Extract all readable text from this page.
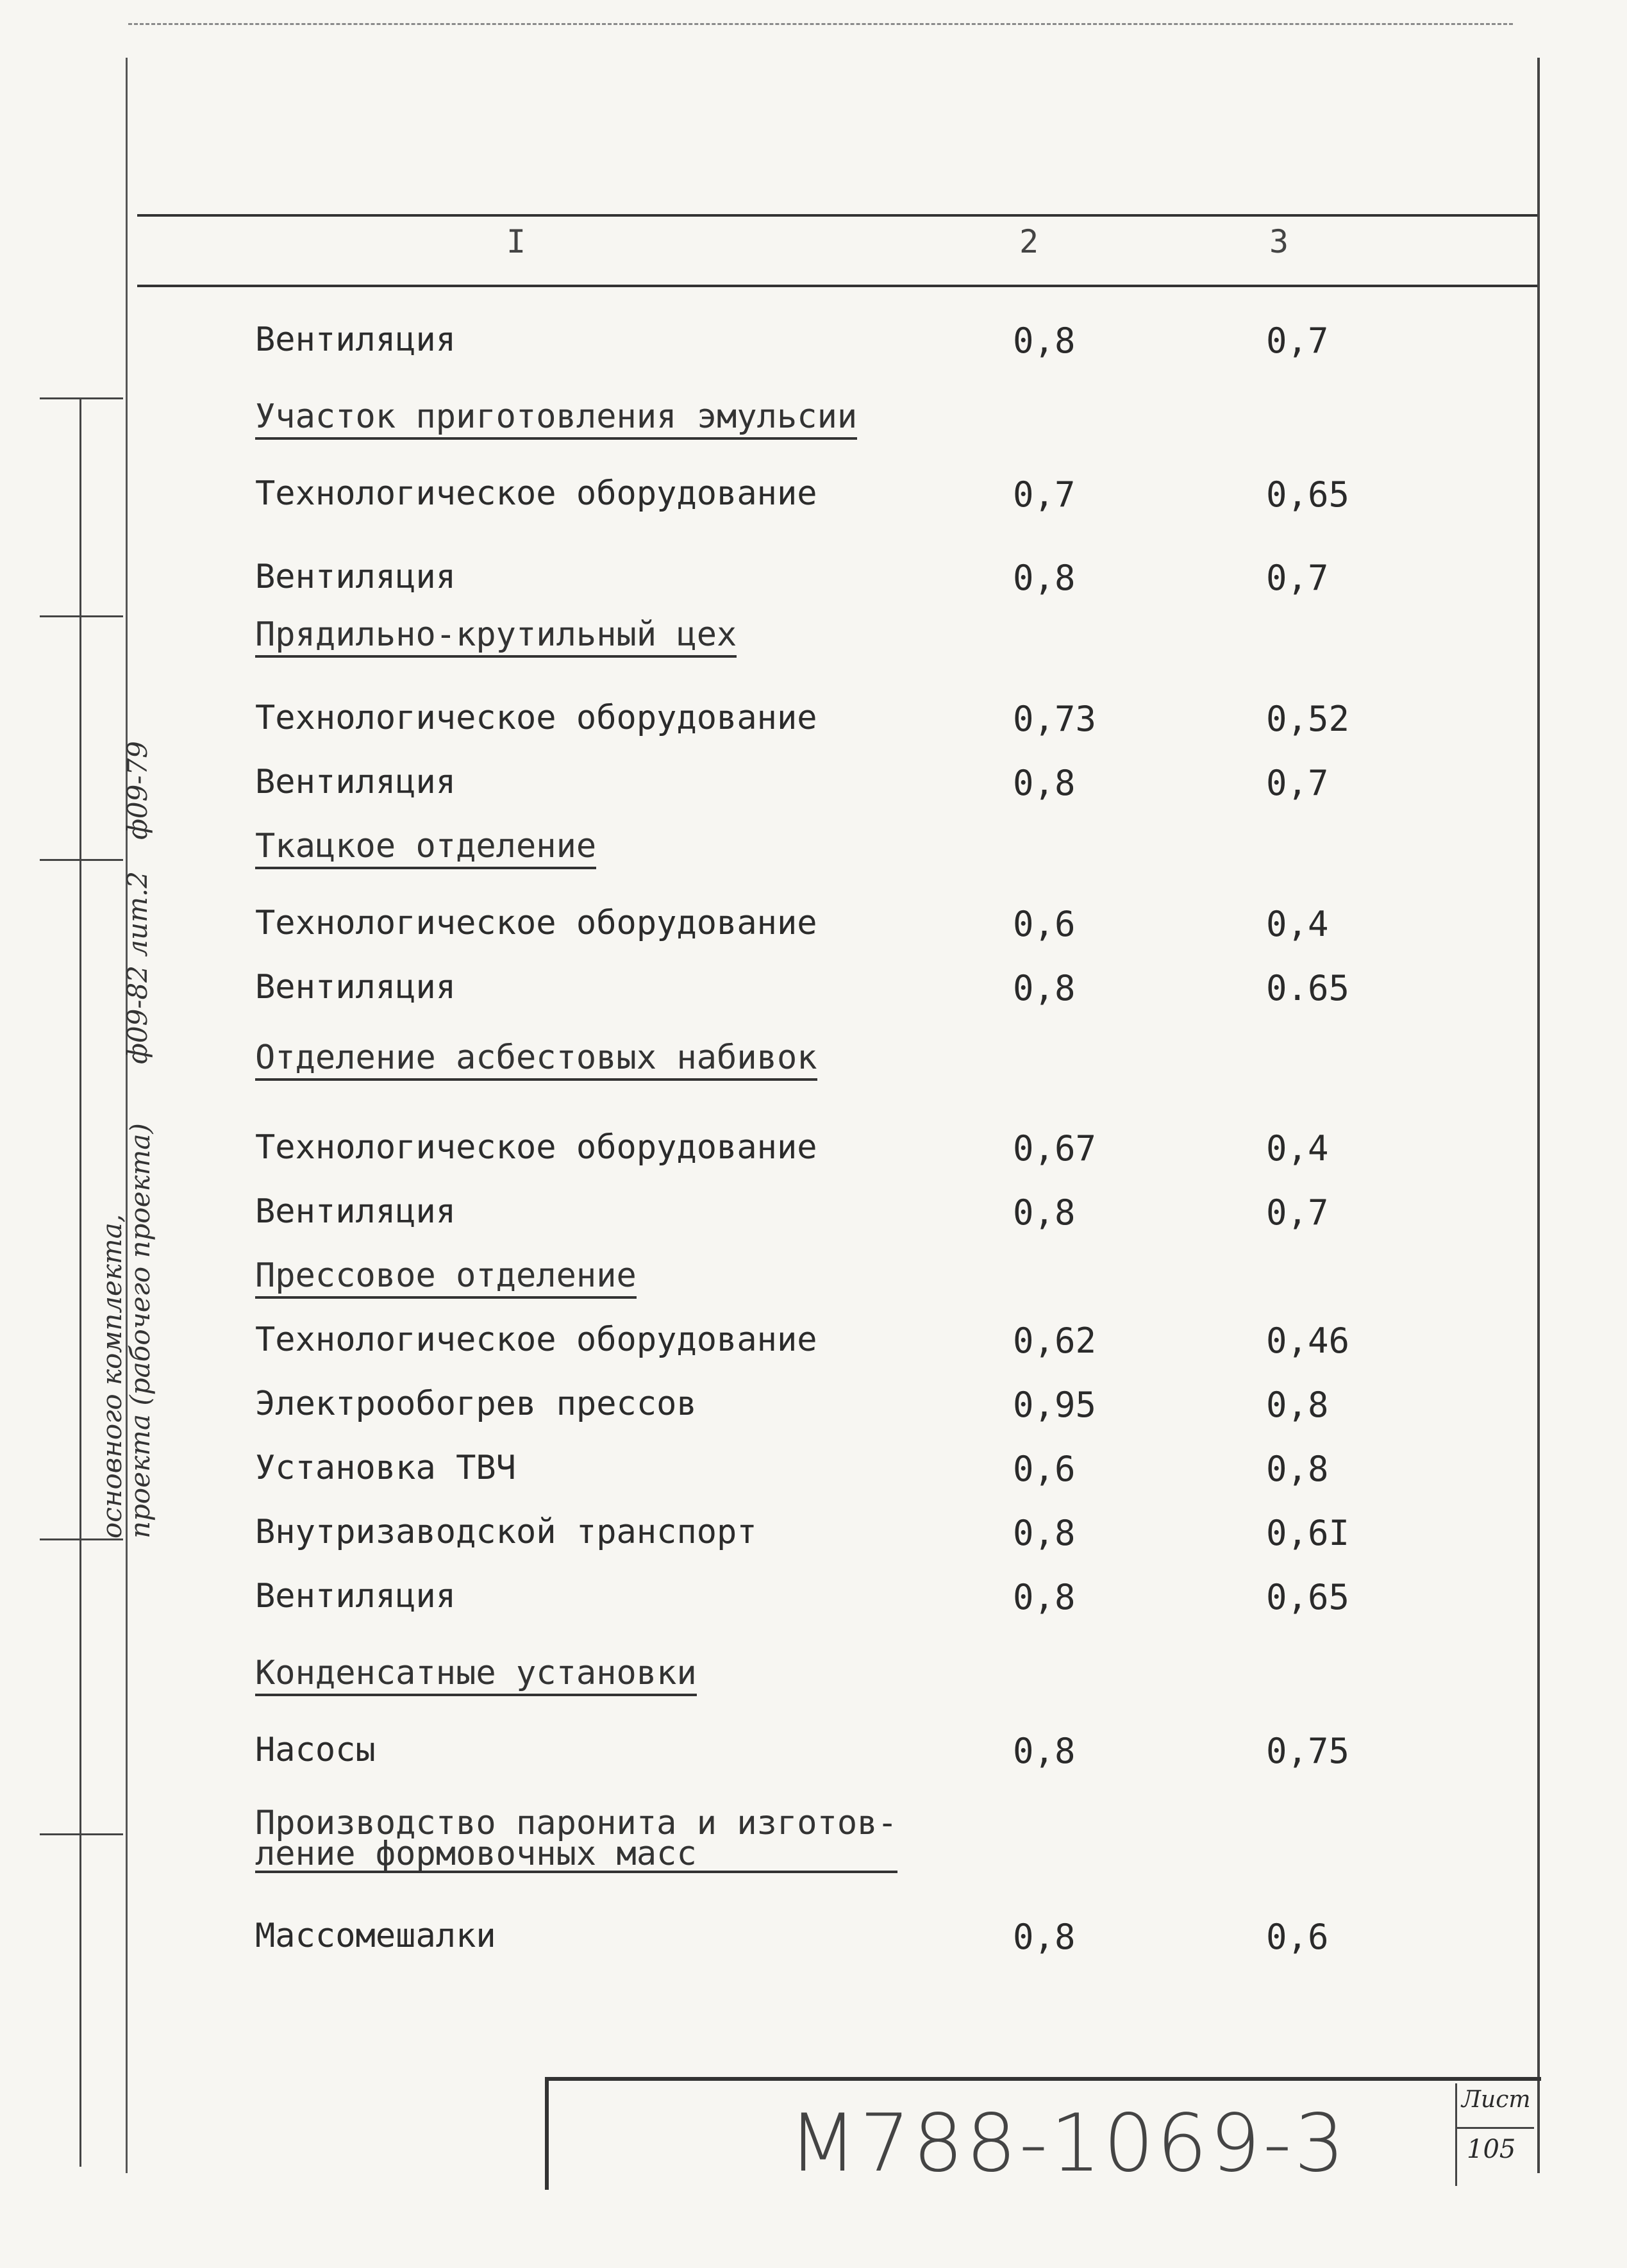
I	2	3
Вентиляция	0,8	0,7
Участок приготовления эмульсии
Технологическое оборудование	0,7	0,65
Вентиляция	0,8	0,7
Прядильно-крутильный цех
Технологическое оборудование	0,73	0,52
Вентиляция	0,8	0,7
Ткацкое отделение
Технологическое оборудование	0,6	0,4
Вентиляция	0,8	0.65
Отделение асбестовых набивок
Технологическое оборудование	0,67	0,4
Вентиляция	0,8	0,7
Прессовое отделение
Технологическое оборудование	0,62	0,46
Электрообогрев прессов	0,95	0,8
Установка ТВЧ	0,6	0,8
Внутризаводской транспорт	0,8	0,6I
Вентиляция	0,8	0,65
Конденсатные установки
Насосы	0,8	0,75
Производство паронита и изготов-
ление формовочных масс
Массомешалки	0,8	0,6
ф09-82 лит.2
ф09-79
основного комплекта,
проекта (рабочего проекта)
М788-1069-3	Лист
105
